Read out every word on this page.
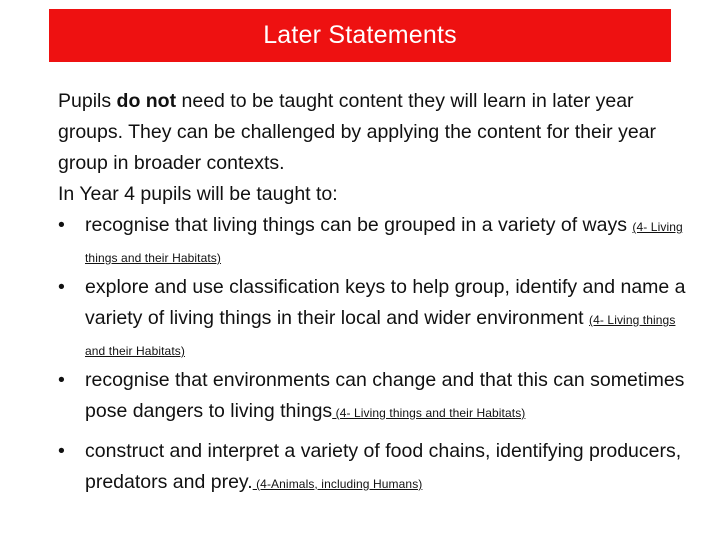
Later Statements

Pupils do not need to be taught content they will learn in later year groups. They can be challenged by applying the content for their year group in broader contexts.

In Year 4 pupils will be taught to:

• recognise that living things can be grouped in a variety of ways (4- Living things and their Habitats)
• explore and use classification keys to help group, identify and name a variety of living things in their local and wider environment (4- Living things and their Habitats)
• recognise that environments can change and that this can sometimes pose dangers to living things (4- Living things and their Habitats)
• construct and interpret a variety of food chains, identifying producers, predators and prey. (4-Animals, including Humans)
